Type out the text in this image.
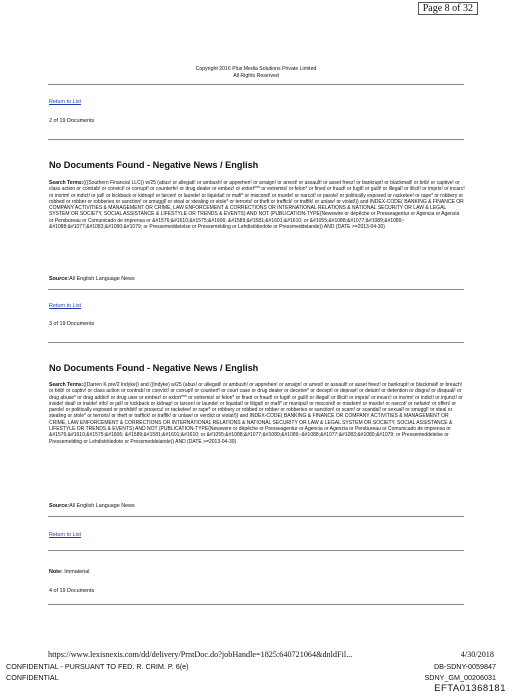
Page 8 of 32
Copyright 2016 Plus Media Solutions Private Limited
All Rights Reserved
Return to List
2 of 19 Documents
No Documents Found - Negative News / English

Search Terms:(((Southern Financial LLC)) w/25 (abus! or allegati! or ambush! or apprehen! or arraign! or arrest! or assault! or asset freez! or bankrupt! or blackmail! or brib! or captive! or class action or contrab! or convict! or corrupt! or counterfe! or drug dealer or embez! or extort*** or extremis! or felon* or fined or fraud! or fugit! or guilt! or illegal! or illicit! or impris! or incarc! or incrim! or indict! or jail! or kickback or kidnap! or larcen! or launde! or liquidat! or mafi* or miscond! or murde! or narcot! or parole! or politically exposed or racketee! or rape* or robbery or robbed or robber or robberies or sanction! or smuggl! or steal or stealing or stole* or terroris! or theft or traffick! or traffik! or unlaw! or violat!)) and INDEX-CODE( BANKING & FINANCE OR COMPANY ACTIVITIES & MANAGEMENT OR CRIME, LAW ENFORCEMENT & CORRECTIONS OR INTERNATIONAL RELATIONS & NATIONAL SECURITY OR LAW & LEGAL SYSTEM OR SOCIETY, SOCIAL ASSISTANCE & LIFESTYLE OR TRENDS & EVENTS) AND NOT (PUBLICATION-TYPE(Newswire or dépêche or Presseagentur or Agencia or Agenzia or Persbureau or Comunicado de imprensa or &#1576;&#1610;&#1575;&#1606; &#1589;&#1581;&#1601;&#1610; or &#1055;&#1088;&#1077;&#1089;&#1089;-&#1088;&#1077;&#1083;&#1080;&#1079; or Pressemeddelelse or Pressemelding or Lehdistötiedote or Pressmeddelande)) AND (DATE >=2013-04-30)

Source:All English Language News
Return to List
3 of 19 Documents
No Documents Found - Negative News / English

Search Terms:((Darren K pre/2 Indyke)) and ((Indyke) w/25 (abus! or allegati! or ambush! or apprehen! or arraign! or arrest! or assault! or asset freez! or bankrupt! or blackmail! or breach! or brib! or captiv! or class action or contrab! or convict! or corrupt! or counterf! or court case or drug dealer or deceive* or decept! or depravi! or detain! or detention or disgra! or disquali! or drug abuse* or drug addict! or drug user or embez! or extort*** or extremis! or felon* or fined or fraud! or fugit! or guilt! or illegal! or illicit! or impris! or incarc! or incrim! or indict! or injunct! or inside! deal! or inside! info! or jail! or kickback or kidnap! or larcen! or launde! or liquidat! or litigat! or mafi* or manipul! or miscond! or misdem! or murde! or narcot! or nefario! or offen! or parole! or politically exposed or prohibit! or prosecu! or racketee! or rape* or robbery or robbed or robber or robberies or sanction! or scam! or scandal! or sexual! or smuggl! or steal or stealing or stole* or terroris! or theft or traffick! or traffik! or unlaw! or verdict or violat!)) and INDEX-CODE( BANKING & FINANCE OR COMPANY ACTIVITIES & MANAGEMENT OR CRIME, LAW ENFORCEMENT & CORRECTIONS OR INTERNATIONAL RELATIONS & NATIONAL SECURITY OR LAW & LEGAL SYSTEM OR SOCIETY, SOCIAL ASSISTANCE & LIFESTYLE OR TRENDS & EVENTS) AND NOT (PUBLICATION-TYPE(Newswire or dépêche or Presseagentur or Agencia or Agenzia or Persbureau or Comunicado de imprensa or &#1576;&#1610;&#1575;&#1606; &#1589;&#1581;&#1601;&#1610; or &#1055;&#1088;&#1077;&#1089;&#1089;-&#1088;&#1077;&#1083;&#1080;&#1079; or Pressemeddelelse or Pressemelding or Lehdistötiedote or Pressmeddelande)) AND (DATE >=2013-04-30)

Source:All English Language News
Return to List
Note: Immaterial
4 of 19 Documents
https://www.lexisnexis.com/dd/delivery/PrntDoc.do?jobHandle=1825:640721064&dnldFil...	4/30/2018
CONFIDENTIAL - PURSUANT TO FED. R. CRIM. P. 6(e)	DB-SDNY-0059847
CONFIDENTIAL	SDNY_GM_00206031
EFTA01368181
